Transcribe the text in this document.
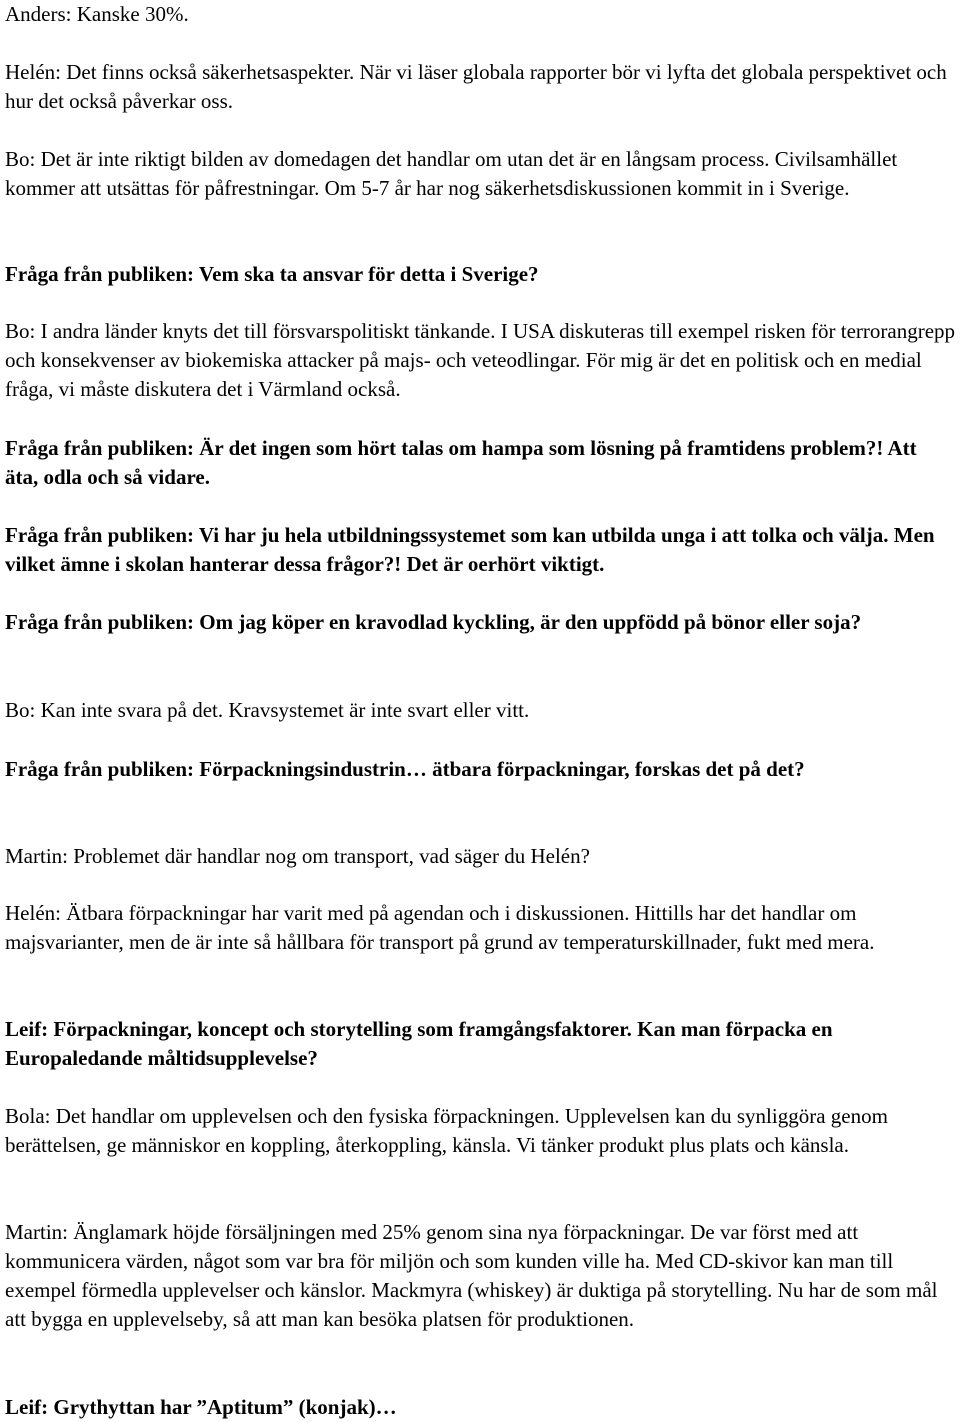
Anders: Kanske 30%.

Helén: Det finns också säkerhetsaspekter. När vi läser globala rapporter bör vi lyfta det globala perspektivet och hur det också påverkar oss.

Bo: Det är inte riktigt bilden av domedagen det handlar om utan det är en långsam process. Civilsamhället kommer att utsättas för påfrestningar. Om 5-7 år har nog säkerhetsdiskussionen kommit in i Sverige.

Fråga från publiken: Vem ska ta ansvar för detta i Sverige?

Bo: I andra länder knyts det till försvarspolitiskt tänkande. I USA diskuteras till exempel risken för terrorangrepp och konsekvenser av biokemiska attacker på majs- och veteodlingar. För mig är det en politisk och en medial fråga, vi måste diskutera det i Värmland också.

Fråga från publiken: Är det ingen som hört talas om hampa som lösning på framtidens problem?! Att äta, odla och så vidare.

Fråga från publiken: Vi har ju hela utbildningssystemet som kan utbilda unga i att tolka och välja. Men vilket ämne i skolan hanterar dessa frågor?! Det är oerhört viktigt.

Fråga från publiken: Om jag köper en kravodlad kyckling, är den uppfödd på bönor eller soja?

Bo: Kan inte svara på det. Kravsystemet är inte svart eller vitt.

Fråga från publiken: Förpackningsindustrin… ätbara förpackningar, forskas det på det?

Martin: Problemet där handlar nog om transport, vad säger du Helén?

Helén: Ätbara förpackningar har varit med på agendan och i diskussionen. Hittills har det handlar om majsvarianter, men de är inte så hållbara för transport på grund av temperaturskillnader, fukt med mera.

Leif: Förpackningar, koncept och storytelling som framgångsfaktorer. Kan man förpacka en Europaledande måltidsupplevelse?

Bola: Det handlar om upplevelsen och den fysiska förpackningen. Upplevelsen kan du synliggöra genom berättelsen, ge människor en koppling, återkoppling, känsla. Vi tänker produkt plus plats och känsla.

Martin: Änglamark höjde försäljningen med 25% genom sina nya förpackningar. De var först med att kommunicera värden, något som var bra för miljön och som kunden ville ha. Med CD-skivor kan man till exempel förmedla upplevelser och känslor. Mackmyra (whiskey) är duktiga på storytelling. Nu har de som mål att bygga en upplevelseby, så att man kan besöka platsen för produktionen.

Leif: Grythyttan har ”Aptitum” (konjak)…
